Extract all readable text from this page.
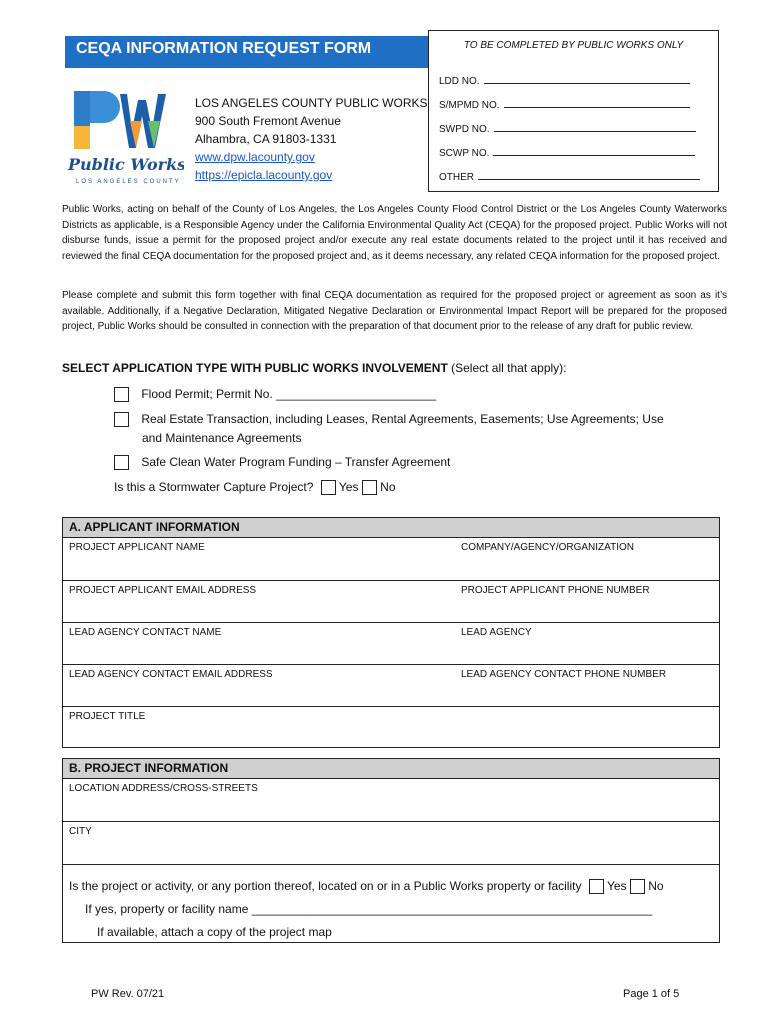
CEQA INFORMATION REQUEST FORM	TO BE COMPLETED BY PUBLIC WORKS ONLY
LDD NO.
S/MPMD NO.
SWPD NO.
SCWP NO.
OTHER
Public Works
LOS ANGELES COUNTY
LOS ANGELES COUNTY PUBLIC WORKS
900 South Fremont Avenue
Alhambra, CA 91803-1331
www.dpw.lacounty.gov
https://epicla.lacounty.gov
Public Works, acting on behalf of the County of Los Angeles, the Los Angeles County Flood Control District or the Los Angeles County Waterworks Districts as applicable, is a Responsible Agency under the California Environmental Quality Act (CEQA) for the proposed project. Public Works will not disburse funds, issue a permit for the proposed project and/or execute any real estate documents related to the project until it has received and reviewed the final CEQA documentation for the proposed project and, as it deems necessary, any related CEQA information for the proposed project.
Please complete and submit this form together with final CEQA documentation as required for the proposed project or agreement as soon as it’s available. Additionally, if a Negative Declaration, Mitigated Negative Declaration or Environmental Impact Report will be prepared for the proposed project, Public Works should be consulted in connection with the preparation of that document prior to the release of any draft for public review.
SELECT APPLICATION TYPE WITH PUBLIC WORKS INVOLVEMENT (Select all that apply):
Flood Permit; Permit No. ________________________
Real Estate Transaction, including Leases, Rental Agreements, Easements; Use Agreements; Use
and Maintenance Agreements
Safe Clean Water Program Funding – Transfer Agreement
Is this a Stormwater Capture Project? Yes No
A. APPLICANT INFORMATION
PROJECT APPLICANT NAME	COMPANY/AGENCY/ORGANIZATION
PROJECT APPLICANT EMAIL ADDRESS	PROJECT APPLICANT PHONE NUMBER
LEAD AGENCY CONTACT NAME	LEAD AGENCY
LEAD AGENCY CONTACT EMAIL ADDRESS	LEAD AGENCY CONTACT PHONE NUMBER
PROJECT TITLE
B. PROJECT INFORMATION
LOCATION ADDRESS/CROSS-STREETS
CITY
Is the project or activity, or any portion thereof, located on or in a Public Works property or facility Yes No
If yes, property or facility name ____________________________________________________________
If available, attach a copy of the project map
PW Rev. 07/21	Page 1 of 5
